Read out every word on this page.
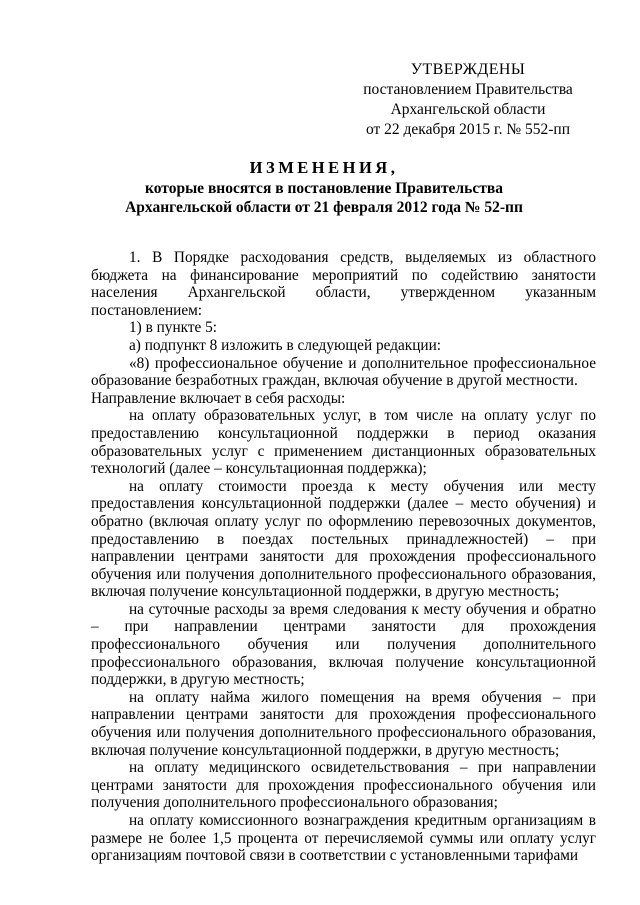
УТВЕРЖДЕНЫ
постановлением Правительства
Архангельской области
от 22 декабря 2015 г. № 552-пп
ИЗМЕНЕНИЯ,
которые вносятся в постановление Правительства
Архангельской области от 21 февраля 2012 года № 52-пп

1. В Порядке расходования средств, выделяемых из областного бюджета на финансирование мероприятий по содействию занятости населения Архангельской области, утвержденном указанным постановлением:

1) в пункте 5:

а) подпункт 8 изложить в следующей редакции:

«8) профессиональное обучение и дополнительное профессиональное образование безработных граждан, включая обучение в другой местности.

Направление включает в себя расходы:

на оплату образовательных услуг, в том числе на оплату услуг по предоставлению консультационной поддержки в период оказания образовательных услуг с применением дистанционных образовательных технологий (далее – консультационная поддержка);

на оплату стоимости проезда к месту обучения или месту предоставления консультационной поддержки (далее – место обучения) и обратно (включая оплату услуг по оформлению перевозочных документов, предоставлению в поездах постельных принадлежностей) – при направлении центрами занятости для прохождения профессионального обучения или получения дополнительного профессионального образования, включая получение консультационной поддержки, в другую местность;

на суточные расходы за время следования к месту обучения и обратно – при направлении центрами занятости для прохождения профессионального обучения или получения дополнительного профессионального образования, включая получение консультационной поддержки, в другую местность;

на оплату найма жилого помещения на время обучения – при направлении центрами занятости для прохождения профессионального обучения или получения дополнительного профессионального образования, включая получение консультационной поддержки, в другую местность;

на оплату медицинского освидетельствования – при направлении центрами занятости для прохождения профессионального обучения или получения дополнительного профессионального образования;

на оплату комиссионного вознаграждения кредитным организациям в размере не более 1,5 процента от перечисляемой суммы или оплату услуг организациям почтовой связи в соответствии с установленными тарифами
